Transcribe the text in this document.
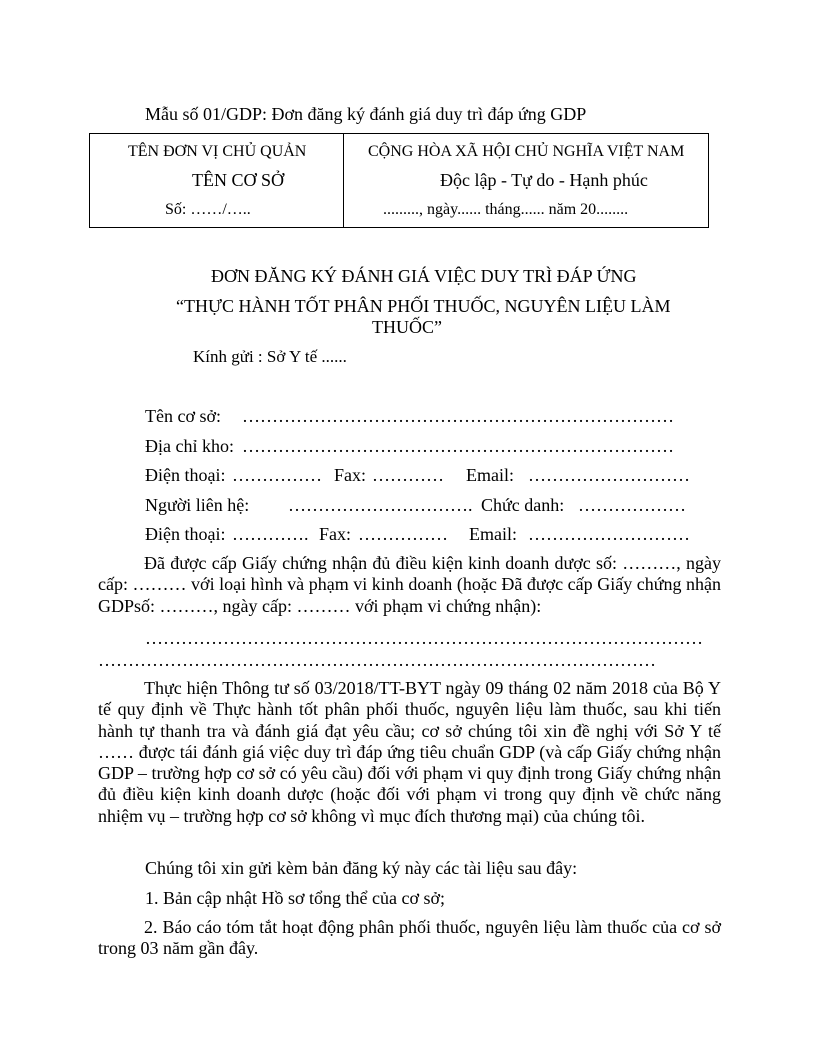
Mẫu số 01/GDP: Đơn đăng ký đánh giá duy trì đáp ứng GDP
TÊN ĐƠN VỊ CHỦ QUẢN
TÊN CƠ SỞ
Số: ……/…..
CỘNG HÒA XÃ HỘI CHỦ NGHĨA VIỆT NAM
Độc lập - Tự do - Hạnh phúc
........., ngày...... tháng...... năm 20........
ĐƠN ĐĂNG KÝ ĐÁNH GIÁ VIỆC DUY TRÌ ĐÁP ỨNG
“THỰC HÀNH TỐT PHÂN PHỐI THUỐC, NGUYÊN LIỆU LÀM
THUỐC”
Kính gửi : Sở Y tế ......
Tên cơ sở: ………………………………………………………………
Địa chỉ kho: ………………………………………………………………
Điện thoại: …………… Fax: ………… Email: ………………………
Người liên hệ: …………………………. Chức danh: ………………
Điện thoại: …………. Fax: …………… Email: ………………………
Đã được cấp Giấy chứng nhận đủ điều kiện kinh doanh dược số: ………, ngày cấp: ……… với loại hình và phạm vi kinh doanh (hoặc Đã được cấp Giấy chứng nhận GDPsố: ………, ngày cấp: ……… với phạm vi chứng nhận):
…………………………………………………………………………………
…………………………………………………………………………………
Thực hiện Thông tư số 03/2018/TT-BYT ngày 09 tháng 02 năm 2018 của Bộ Y tế quy định về Thực hành tốt phân phối thuốc, nguyên liệu làm thuốc, sau khi tiến hành tự thanh tra và đánh giá đạt yêu cầu; cơ sở chúng tôi xin đề nghị với Sở Y tế …… được tái đánh giá việc duy trì đáp ứng tiêu chuẩn GDP (và cấp Giấy chứng nhận GDP – trường hợp cơ sở có yêu cầu) đối với phạm vi quy định trong Giấy chứng nhận đủ điều kiện kinh doanh dược (hoặc đối với phạm vi trong quy định về chức năng nhiệm vụ – trường hợp cơ sở không vì mục đích thương mại) của chúng tôi.
Chúng tôi xin gửi kèm bản đăng ký này các tài liệu sau đây:
1. Bản cập nhật Hồ sơ tổng thể của cơ sở;
2. Báo cáo tóm tắt hoạt động phân phối thuốc, nguyên liệu làm thuốc của cơ sở trong 03 năm gần đây.
